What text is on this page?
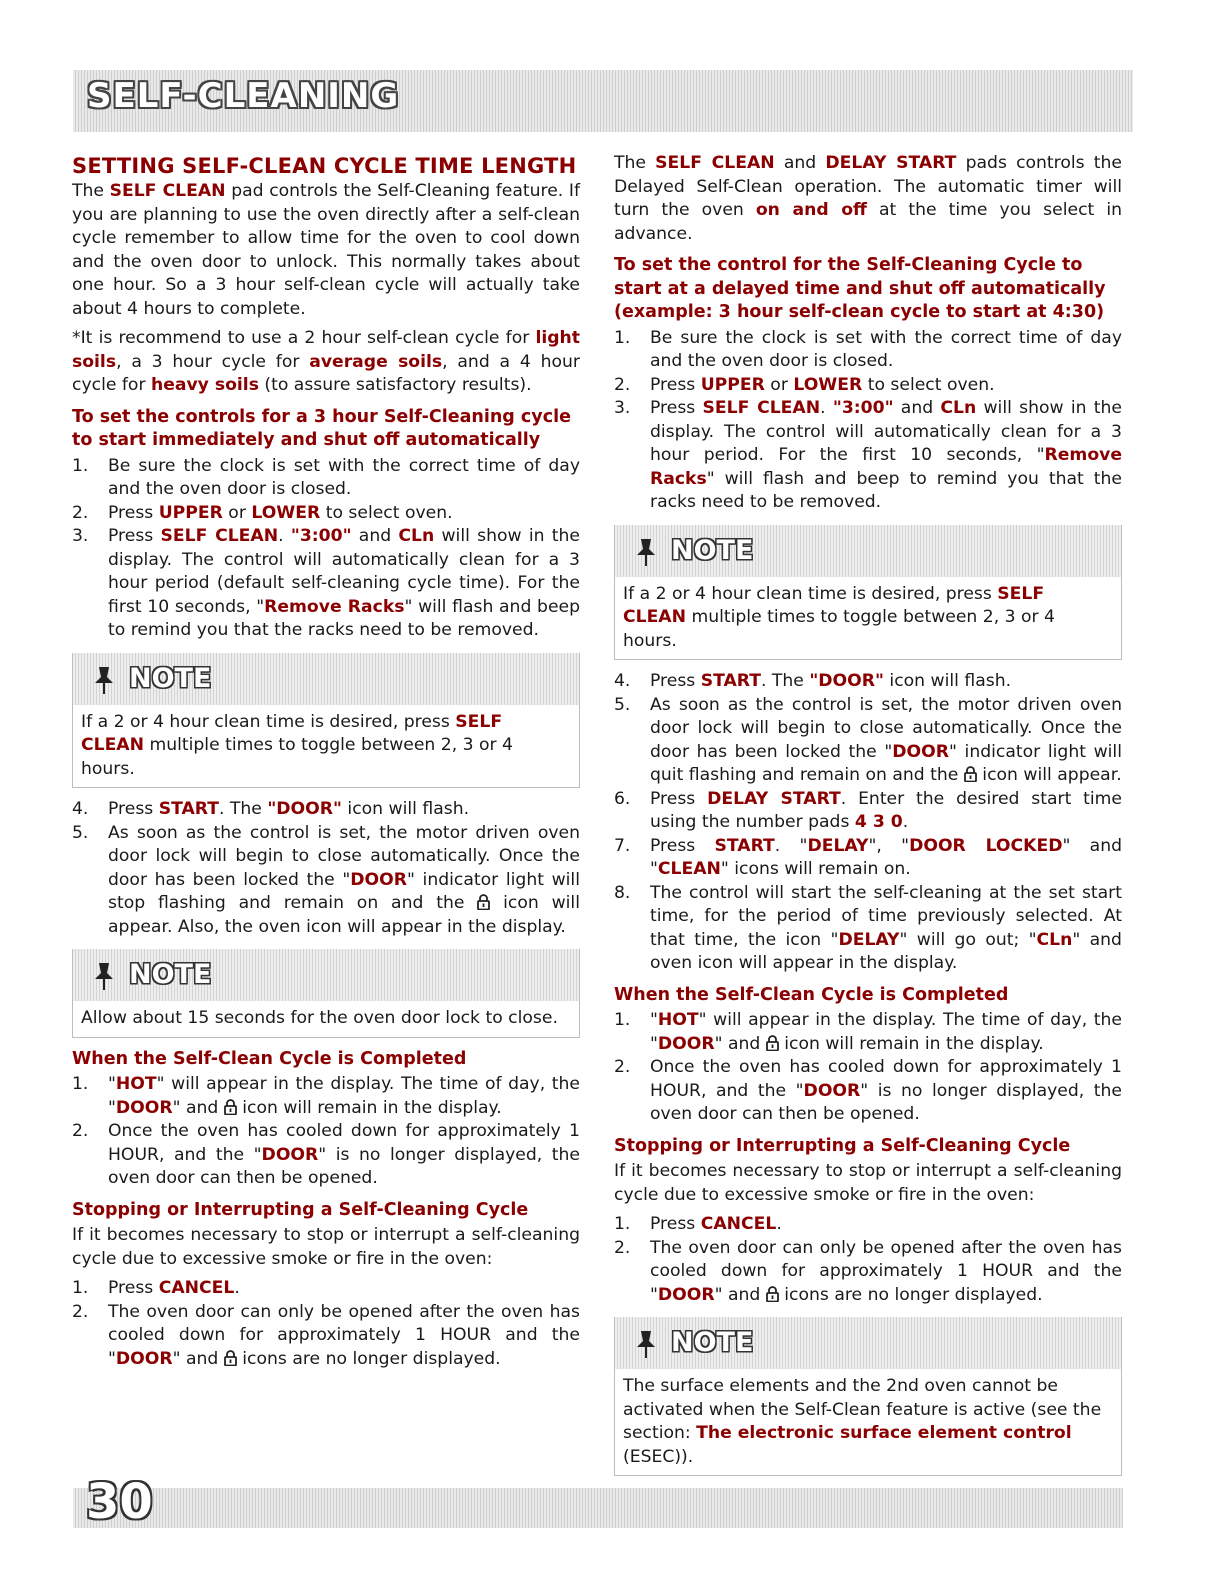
SELF-CLEANING
SETTING SELF-CLEAN CYCLE TIME LENGTH

The SELF CLEAN pad controls the Self-Cleaning feature. If you are planning to use the oven directly after a self-clean cycle remember to allow time for the oven to cool down and the oven door to unlock. This normally takes about one hour. So a 3 hour self-clean cycle will actually take about 4 hours to complete.

*It is recommend to use a 2 hour self-clean cycle for light soils, a 3 hour cycle for average soils, and a 4 hour cycle for heavy soils (to assure satisfactory results).

To set the controls for a 3 hour Self-Cleaning cycle to start immediately and shut off automatically
1. Be sure the clock is set with the correct time of day and the oven door is closed.
2. Press UPPER or LOWER to select oven.
3. Press SELF CLEAN. "3:00" and CLn will show in the display. The control will automatically clean for a 3 hour period (default self-cleaning cycle time). For the first 10 seconds, "Remove Racks" will flash and beep to remind you that the racks need to be removed.
NOTE
If a 2 or 4 hour clean time is desired, press SELF CLEAN multiple times to toggle between 2, 3 or 4 hours.
4. Press START. The "DOOR" icon will flash.
5. As soon as the control is set, the motor driven oven door lock will begin to close automatically. Once the door has been locked the "DOOR" indicator light will stop flashing and remain on and the  icon will appear. Also, the oven icon will appear in the display.
NOTE
Allow about 15 seconds for the oven door lock to close.
When the Self-Clean Cycle is Completed
1. "HOT" will appear in the display. The time of day, the "DOOR" and  icon will remain in the display.
2. Once the oven has cooled down for approximately 1 HOUR, and the "DOOR" is no longer displayed, the oven door can then be opened.
Stopping or Interrupting a Self-Cleaning Cycle

If it becomes necessary to stop or interrupt a self-cleaning cycle due to excessive smoke or fire in the oven:

1. Press CANCEL.
2. The oven door can only be opened after the oven has cooled down for approximately 1 HOUR and the "DOOR" and  icons are no longer displayed.

The SELF CLEAN and DELAY START pads controls the Delayed Self-Clean operation. The automatic timer will turn the oven on and off at the time you select in advance.

To set the control for the Self-Cleaning Cycle to start at a delayed time and shut off automatically (example: 3 hour self-clean cycle to start at 4:30)
1. Be sure the clock is set with the correct time of day and the oven door is closed.
2. Press UPPER or LOWER to select oven.
3. Press SELF CLEAN. "3:00" and CLn will show in the display. The control will automatically clean for a 3 hour period. For the first 10 seconds, "Remove Racks" will flash and beep to remind you that the racks need to be removed.
NOTE
If a 2 or 4 hour clean time is desired, press SELF CLEAN multiple times to toggle between 2, 3 or 4 hours.
4. Press START. The "DOOR" icon will flash.
5. As soon as the control is set, the motor driven oven door lock will begin to close automatically. Once the door has been locked the "DOOR" indicator light will quit flashing and remain on and the  icon will appear.
6. Press DELAY START. Enter the desired start time using the number pads 4 3 0.
7. Press START. "DELAY", "DOOR LOCKED" and "CLEAN" icons will remain on.
8. The control will start the self-cleaning at the set start time, for the period of time previously selected. At that time, the icon "DELAY" will go out; "CLn" and oven icon will appear in the display.
When the Self-Clean Cycle is Completed
1. "HOT" will appear in the display. The time of day, the "DOOR" and  icon will remain in the display.
2. Once the oven has cooled down for approximately 1 HOUR, and the "DOOR" is no longer displayed, the oven door can then be opened.
Stopping or Interrupting a Self-Cleaning Cycle

If it becomes necessary to stop or interrupt a self-cleaning cycle due to excessive smoke or fire in the oven:

1. Press CANCEL.
2. The oven door can only be opened after the oven has cooled down for approximately 1 HOUR and the "DOOR" and  icons are no longer displayed.
NOTE
The surface elements and the 2nd oven cannot be activated when the Self-Clean feature is active (see the section: The electronic surface element control (ESEC)).
30
